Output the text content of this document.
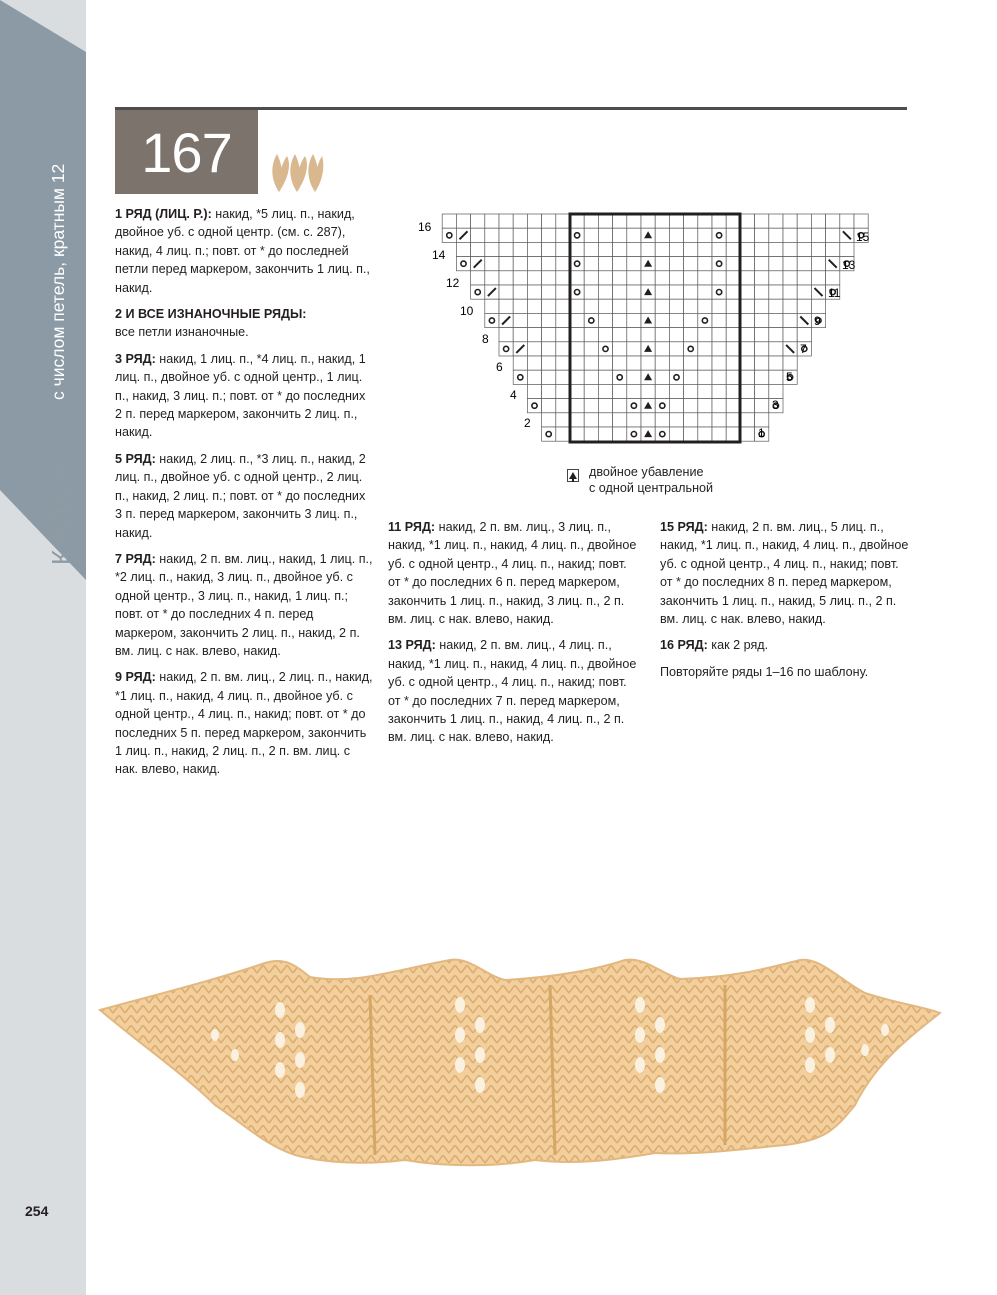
с числом петель, кратным 12
КАЙМА
167

1 РЯД (ЛИЦ. Р.): накид, *5 лиц. п., накид, двойное уб. с одной центр. (см. с. 287), накид, 4 лиц. п.; повт. от * до последней петли перед маркером, закончить 1 лиц. п., накид.

2 И ВСЕ ИЗНАНОЧНЫЕ РЯДЫ:
все петли изнаночные.

3 РЯД: накид, 1 лиц. п., *4 лиц. п., накид, 1 лиц. п., двойное уб. с одной центр., 1 лиц. п., накид, 3 лиц. п.; повт. от * до последних 2 п. перед маркером, закончить 2 лиц. п., накид.

5 РЯД: накид, 2 лиц. п., *3 лиц. п., накид, 2 лиц. п., двойное уб. с одной центр., 2 лиц. п., накид, 2 лиц. п.; повт. от * до последних 3 п. перед маркером, закончить 3 лиц. п., накид.

7 РЯД: накид, 2 п. вм. лиц., накид, 1 лиц. п., *2 лиц. п., накид, 3 лиц. п., двойное уб. с одной центр., 3 лиц. п., накид, 1 лиц. п.; повт. от * до последних 4 п. перед маркером, закончить 2 лиц. п., накид, 2 п. вм. лиц. с нак. влево, накид.

9 РЯД: накид, 2 п. вм. лиц., 2 лиц. п., накид, *1 лиц. п., накид, 4 лиц. п., двойное уб. с одной центр., 4 лиц. п., накид; повт. от * до последних 5 п. перед маркером, закончить 1 лиц. п., накид, 2 лиц. п., 2 п. вм. лиц. с нак. влево, накид.

11 РЯД: накид, 2 п. вм. лиц., 3 лиц. п., накид, *1 лиц. п., накид, 4 лиц. п., двойное уб. с одной центр., 4 лиц. п., накид; повт. от * до последних 6 п. перед маркером, закончить 1 лиц. п., накид, 3 лиц. п., 2 п. вм. лиц. с нак. влево, накид.

13 РЯД: накид, 2 п. вм. лиц., 4 лиц. п., накид, *1 лиц. п., накид, 4 лиц. п., двойное уб. с одной центр., 4 лиц. п., накид; повт. от * до последних 7 п. перед маркером, закончить 1 лиц. п., накид, 4 лиц. п., 2 п. вм. лиц. с нак. влево, накид.

15 РЯД: накид, 2 п. вм. лиц., 5 лиц. п., накид, *1 лиц. п., накид, 4 лиц. п., двойное уб. с одной центр., 4 лиц. п., накид; повт. от * до последних 8 п. перед маркером, закончить 1 лиц. п., накид, 5 лиц. п., 2 п. вм. лиц. с нак. влево, накид.

16 РЯД: как 2 ряд.

Повторяйте ряды 1–16 по шаблону.

16
14
12
10
8
6
4
2
15
13
11
9
7
5
3
1
двойное убавление
с одной центральной
254
